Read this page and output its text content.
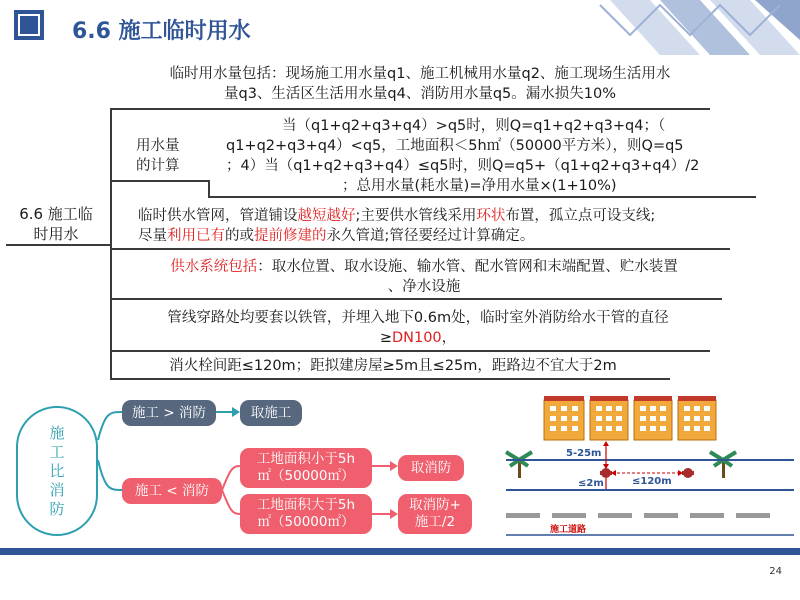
6.6 施工临时用水
6.6 施工临
时用水
临时用水量包括：现场施工用水量q1、施工机械用水量q2、施工现场生活用水
量q3、生活区生活用水量q4、消防用水量q5。漏水损失10%
用水量
的计算
当（q1+q2+q3+q4）>q5时，则Q=q1+q2+q3+q4；（
q1+q2+q3+q4）<q5，工地面积＜5h㎡（50000平方米），则Q=q5
；4）当（q1+q2+q3+q4）≤q5时，则Q=q5+（q1+q2+q3+q4）/2
；总用水量(耗水量)=净用水量×(1+10%)
临时供水管网，管道铺设越短越好;主要供水管线采用环状布置，孤立点可设支线;
尽量利用已有的或提前修建的永久管道;管径要经过计算确定。
供水系统包括：取水位置、取水设施、输水管、配水管网和末端配置、贮水装置
、净水设施
管线穿路处均要套以铁管，并埋入地下0.6m处，临时室外消防给水干管的直径
≥DN100，
消火栓间距≤120m；距拟建房屋≥5m且≤25m，距路边不宜大于2m
施
工
比
消
防
施工 > 消防	取施工
施工 < 消防
工地面积小于5h
㎡（50000㎡）
取消防
工地面积大于5h
㎡（50000㎡）
取消防+
施工/2
5-25m
≤2m	≤120m
施工道路
24
